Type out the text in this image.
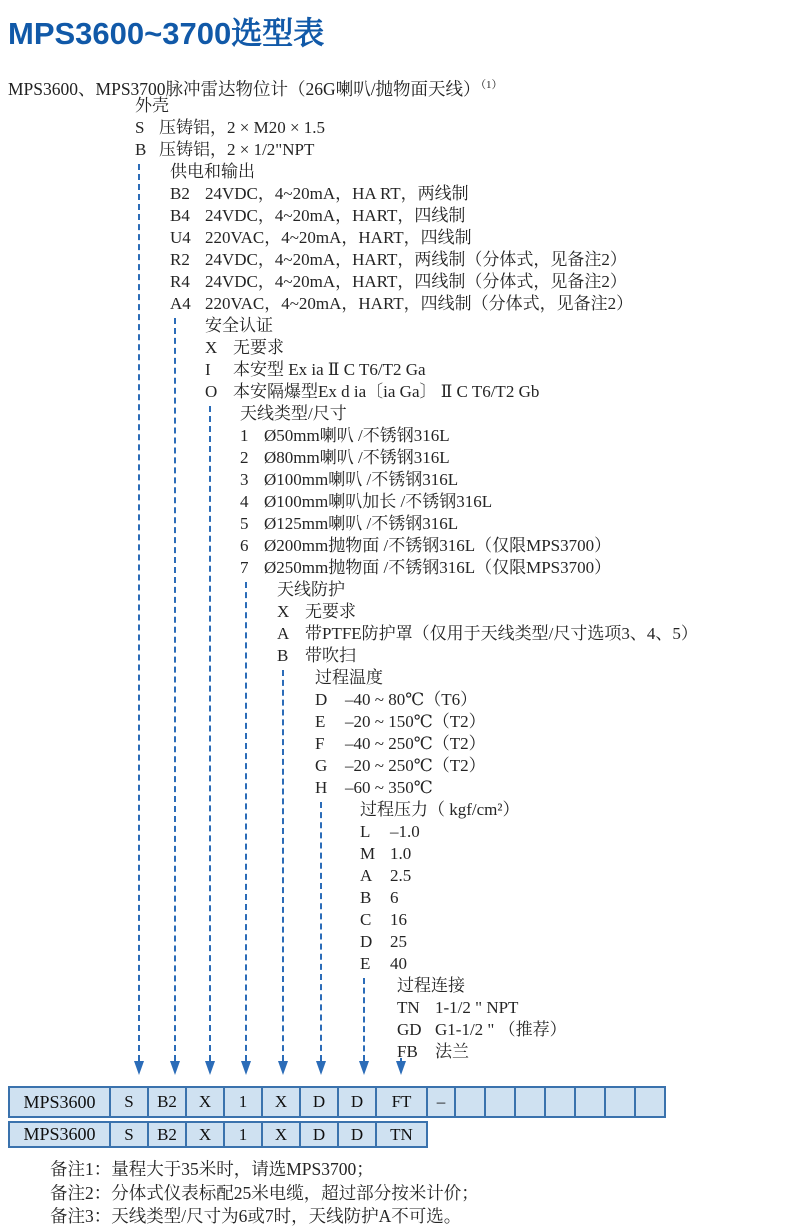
MPS3600~3700选型表
MPS3600、MPS3700脉冲雷达物位计（26G喇叭/抛物面天线）$^{(1)}$
外壳
S 压铸铝，2 × M20 × 1.5
B 压铸铝，2 × 1/2"NPT
供电和输出
B2 24VDC，4~20mA，HA RT，两线制
B4 24VDC，4~20mA，HART，四线制
U4 220VAC，4~20mA，HART，四线制
R2 24VDC，4~20mA，HART，两线制（分体式，见备注2）
R4 24VDC，4~20mA，HART，四线制（分体式，见备注2）
A4 220VAC，4~20mA，HART，四线制（分体式，见备注2）
安全认证
X 无要求
I 本安型 Ex ia Ⅱ C T6/T2 Ga
O 本安隔爆型Ex d ia〔ia Ga〕 Ⅱ C T6/T2 Gb
天线类型/尺寸
1 Ø50mm喇叭 /不锈钢316L
2 Ø80mm喇叭 /不锈钢316L
3 Ø100mm喇叭 /不锈钢316L
4 Ø100mm喇叭加长 /不锈钢316L
5 Ø125mm喇叭 /不锈钢316L
6 Ø200mm抛物面 /不锈钢316L（仅限MPS3700）
7 Ø250mm抛物面 /不锈钢316L（仅限MPS3700）
天线防护
X 无要求
A 带PTFE防护罩（仅用于天线类型/尺寸选项3、4、5）
B 带吹扫
过程温度
D –40 ~ 80℃（T6）
E –20 ~ 150℃（T2）
F –40 ~ 250℃（T2）
G –20 ~ 250℃（T2）
H –60 ~ 350℃
过程压力（ kgf/cm²）
L –1.0
M 1.0
A 2.5
B 6
C 16
D 25
E 40
过程连接
TN 1-1/2 " NPT
GD G1-1/2 " （推荐）
FB 法兰
MPS3600	S	B2	X	1	X	D	D	FT	–
MPS3600	S	B2	X	1	X	D	D	TN
备注1：量程大于35米时，请选MPS3700；
备注2：分体式仪表标配25米电缆，超过部分按米计价；
备注3：天线类型/尺寸为6或7时，天线防护A不可选。
